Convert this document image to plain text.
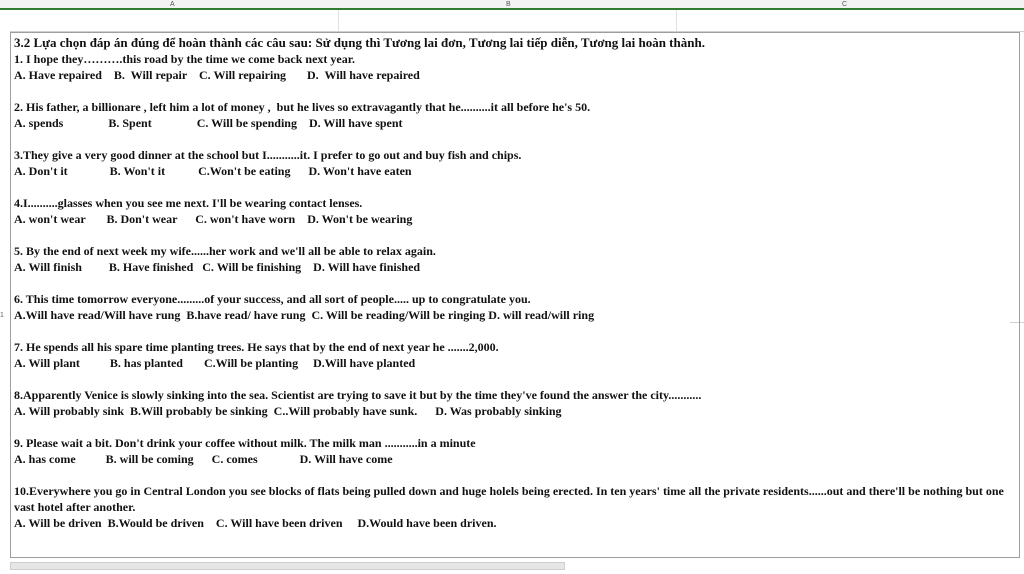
A	B	C
1
3.2 Lựa chọn đáp án đúng để hoàn thành các câu sau: Sử dụng thì Tương lai đơn, Tương lai tiếp diễn, Tương lai hoàn thành.
1. I hope they……….this road by the time we come back next year.
A. Have repaired    B.  Will repair    C. Will repairing       D.  Will have repaired
2. His father, a billionare , left him a lot of money ,  but he lives so extravagantly that he..........it all before he's 50.
A. spends               B. Spent               C. Will be spending    D. Will have spent
3.They give a very good dinner at the school but I...........it. I prefer to go out and buy fish and chips.
A. Don't it              B. Won't it           C.Won't be eating      D. Won't have eaten
4.I..........glasses when you see me next. I'll be wearing contact lenses.
A. won't wear       B. Don't wear      C. won't have worn    D. Won't be wearing
5. By the end of next week my wife......her work and we'll all be able to relax again.
A. Will finish         B. Have finished   C. Will be finishing    D. Will have finished
6. This time tomorrow everyone.........of your success, and all sort of people..... up to congratulate you.
A.Will have read/Will have rung  B.have read/ have rung  C. Will be reading/Will be ringing D. will read/will ring
7. He spends all his spare time planting trees. He says that by the end of next year he .......2,000.
A. Will plant          B. has planted       C.Will be planting     D.Will have planted
8.Apparently Venice is slowly sinking into the sea. Scientist are trying to save it but by the time they've found the answer the city...........
A. Will probably sink  B.Will probably be sinking  C..Will probably have sunk.      D. Was probably sinking
9. Please wait a bit. Don't drink your coffee without milk. The milk man ...........in a minute
A. has come          B. will be coming      C. comes              D. Will have come
10.Everywhere you go in Central London you see blocks of flats being pulled down and huge holels being erected. In ten years' time all the private residents......out and there'll be nothing but one vast hotel after another.
A. Will be driven  B.Would be driven    C. Will have been driven     D.Would have been driven.
